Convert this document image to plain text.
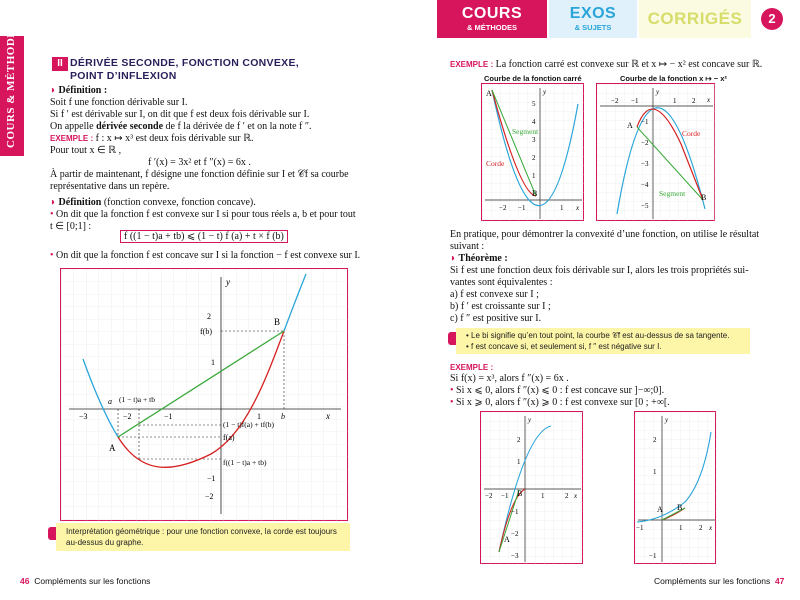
COURS & MÉTHODES
COURS
& MÉTHODES
EXOS
& SUJETS	CORRIGÉS	2
II DÉRIVÉE SECONDE, FONCTION CONVEXE, POINT D’INFLEXION
◗ Définition :
Soit f une fonction dérivable sur I.
Si f ′ est dérivable sur I, on dit que f est deux fois dérivable sur I.
On appelle dérivée seconde de f la dérivée de f ′ et on la note f ″.
EXEMPLE : f : x ↦ x³ est deux fois dérivable sur ℝ.
Pour tout x ∈ ℝ ,
f ′(x) = 3x² et f ″(x) = 6x .
À partir de maintenant, f désigne une fonction définie sur I et 𝒞f sa courbe
représentative dans un repère.
◗ Définition (fonction convexe, fonction concave).
• On dit que la fonction f est convexe sur I si pour tous réels a, b et pour tout
t ∈ [0;1] :
f ((1 − t)a + tb) ⩽ (1 − t) f (a) + t × f (b)
• On dit que la fonction f est concave sur I si la fonction − f est convexe sur I.
A
B
y
x
f(b)
f(a)
a
b
(1 − t)a + tb
(1 − t)f(a) + tf(b)
f((1 − t)a + tb)
−3	−2	−1	1
2
1
−1
−2
Interprétation géométrique : pour une fonction convexe, la corde est toujours au-dessus du graphe.
EXEMPLE : La fonction carré est convexe sur ℝ et x ↦ − x² est concave sur ℝ.
Courbe de la fonction carré	Courbe de la fonction x ↦ − x²
A
B
Segment
Corde
y
x
5
4
3
2
1
−2 −1	1
A
B
Segment
Corde
y
x
−2 −1	1 2
−1
−2
−3
−4
−5
En pratique, pour démontrer la convexité d’une fonction, on utilise le résultat
suivant :
◗ Théorème :
Si f est une fonction deux fois dérivable sur I, alors les trois propriétés sui-
vantes sont équivalentes :
a) f est convexe sur I ;
b) f ′ est croissante sur I ;
c) f ″ est positive sur I.
• Le bi signifie qu’en tout point, la courbe 𝒞f est au-dessus de sa tangente.
• f est concave si, et seulement si, f ″ est négative sur I.
EXEMPLE :
Si f(x) = x³, alors f ″(x) = 6x .
• Si x ⩽ 0, alors f ″(x) ⩽ 0 : f est concave sur ]−∞;0].
• Si x ⩾ 0, alors f ″(x) ⩾ 0 : f est convexe sur [0 ; +∞[.
A
B
y
x
2
1
−1
−2
−3
−2 −1	1	2
A B
y
x
2
1
−1
−1	1 2
46 Compléments sur les fonctions	Compléments sur les fonctions 47
